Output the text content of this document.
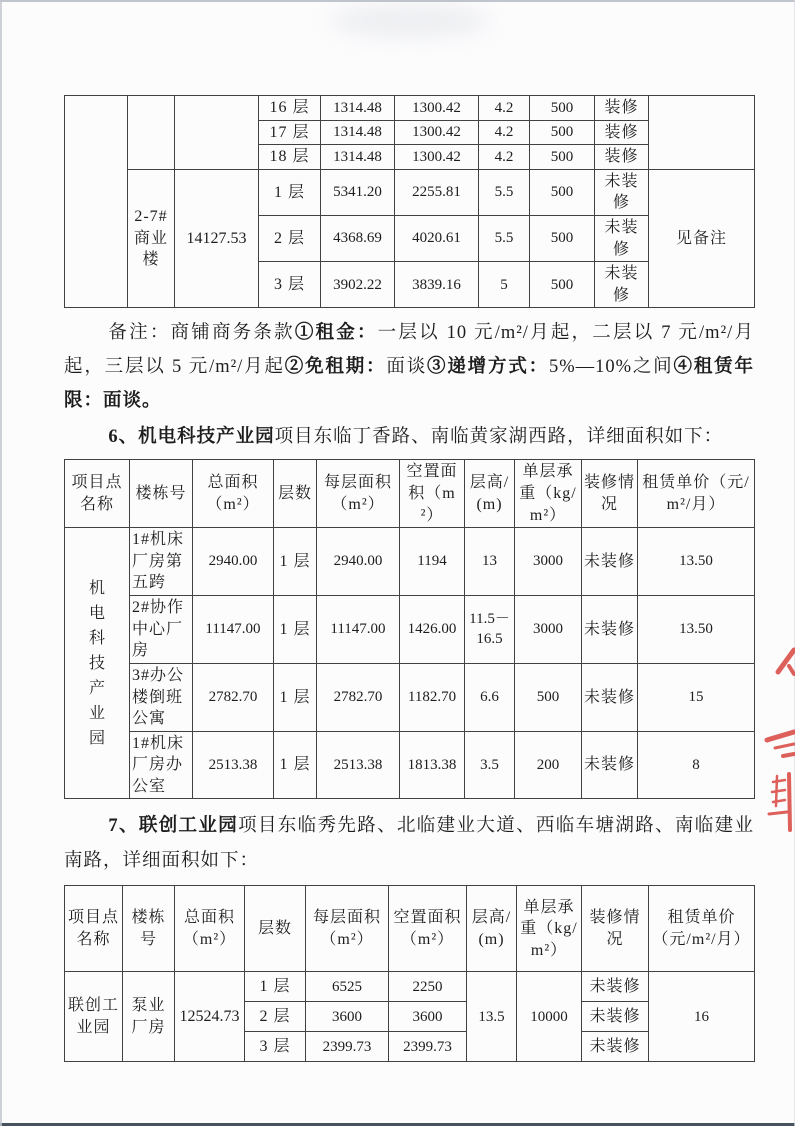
			16 层	1314.48	1300.42	4.2	500	装修	
			17 层	1314.48	1300.42	4.2	500	装修	
			18 层	1314.48	1300.42	4.2	500	装修	
	2-7#商业楼	14127.53	1 层	5341.20	2255.81	5.5	500	未装修	见备注
			2 层	4368.69	4020.61	5.5	500	未装修	
			3 层	3902.22	3839.16	5	500	未装修	

备注：商铺商务条款①租金：一层以 10 元/m²/月起，二层以 7 元/m²/月起，三层以 5 元/m²/月起②免租期：面谈③递增方式：5%—10%之间④租赁年限：面谈。

6、机电科技产业园项目东临丁香路、南临黄家湖西路，详细面积如下：

项目点名称	楼栋号	总面积（m²）	层数	每层面积（m²）	空置面积（m²）	层高/(m)	单层承重（kg/m²）	装修情况	租赁单价（元/m²/月）
机电科技产业园	1#机床厂房第五跨	2940.00	1 层	2940.00	1194	13	3000	未装修	13.50
	2#协作中心厂房	11147.00	1 层	11147.00	1426.00	11.5－16.5	3000	未装修	13.50
	3#办公楼倒班公寓	2782.70	1 层	2782.70	1182.70	6.6	500	未装修	15
	1#机床厂房办公室	2513.38	1 层	2513.38	1813.38	3.5	200	未装修	8

7、联创工业园项目东临秀先路、北临建业大道、西临车塘湖路、南临建业南路，详细面积如下：

项目点名称	楼栋号	总面积（m²）	层数	每层面积（m²）	空置面积（m²）	层高/(m)	单层承重（kg/m²）	装修情况	租赁单价（元/m²/月）
联创工业园	泵业厂房	12524.73	1 层	6525	2250	13.5	10000	未装修	16
			2 层	3600	3600			未装修	
			3 层	2399.73	2399.73			未装修	
